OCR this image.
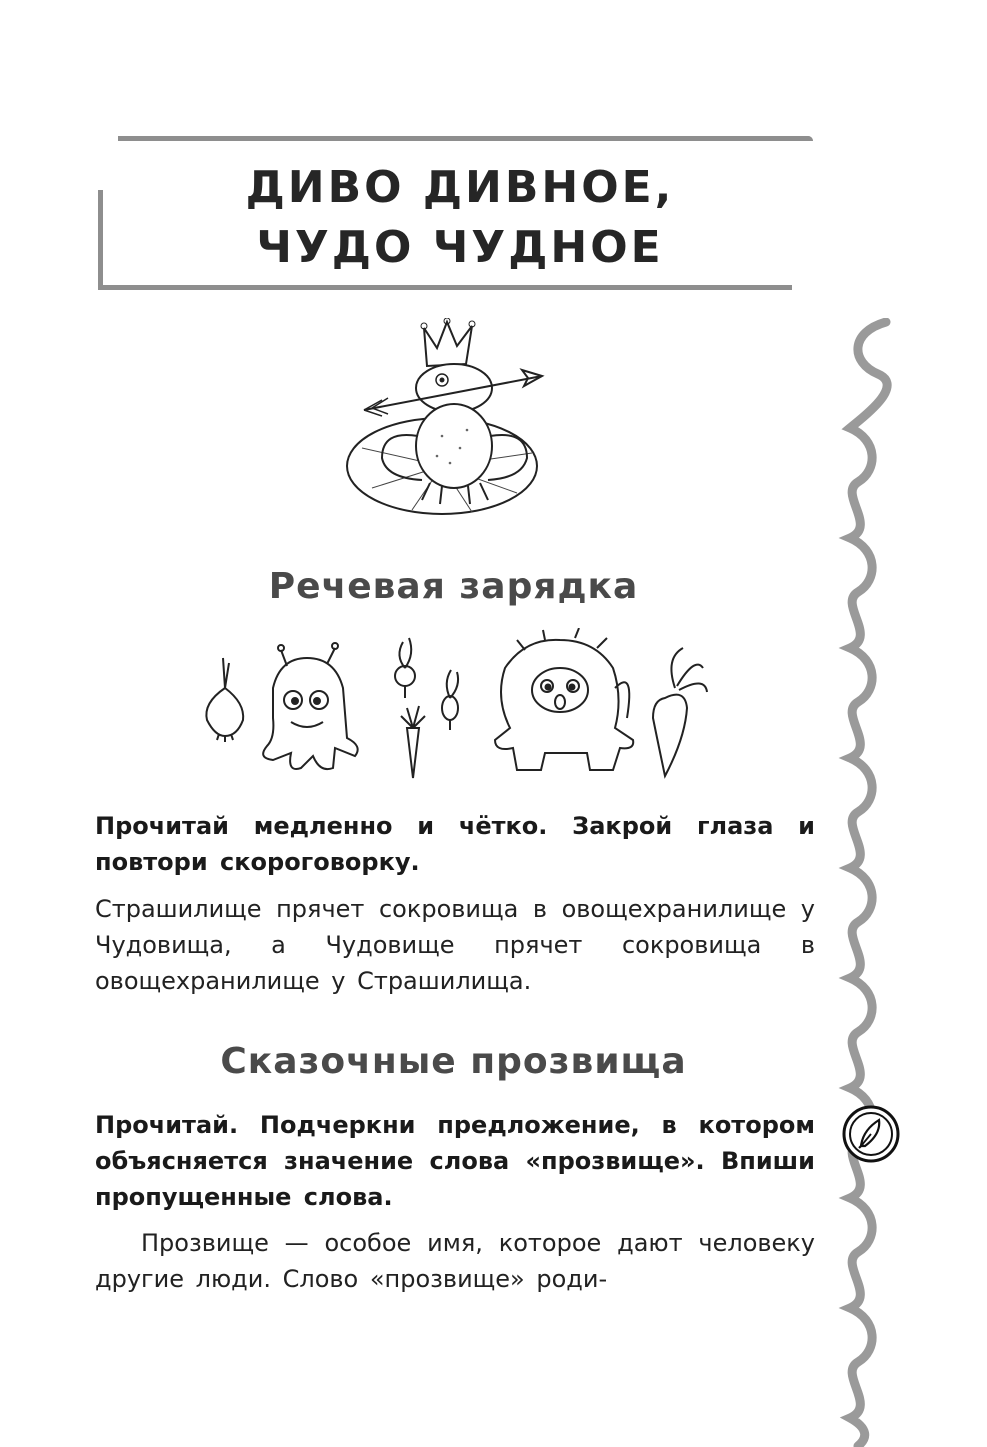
ДИВО ДИВНОЕ,
ЧУДО ЧУДНОЕ
Речевая зарядка
Прочитай медленно и чётко. Закрой глаза и повтори скороговорку.
Страшилище прячет сокровища в овощехранилище у Чудовища, а Чудовище прячет сокровища в овощехранилище у Страшилища.
Сказочные прозвища
Прочитай. Подчеркни предложение, в котором объясняется значение слова «прозвище». Впиши пропущенные слова.
Прозвище — особое имя, которое дают человеку другие люди. Слово «прозвище» роди-
